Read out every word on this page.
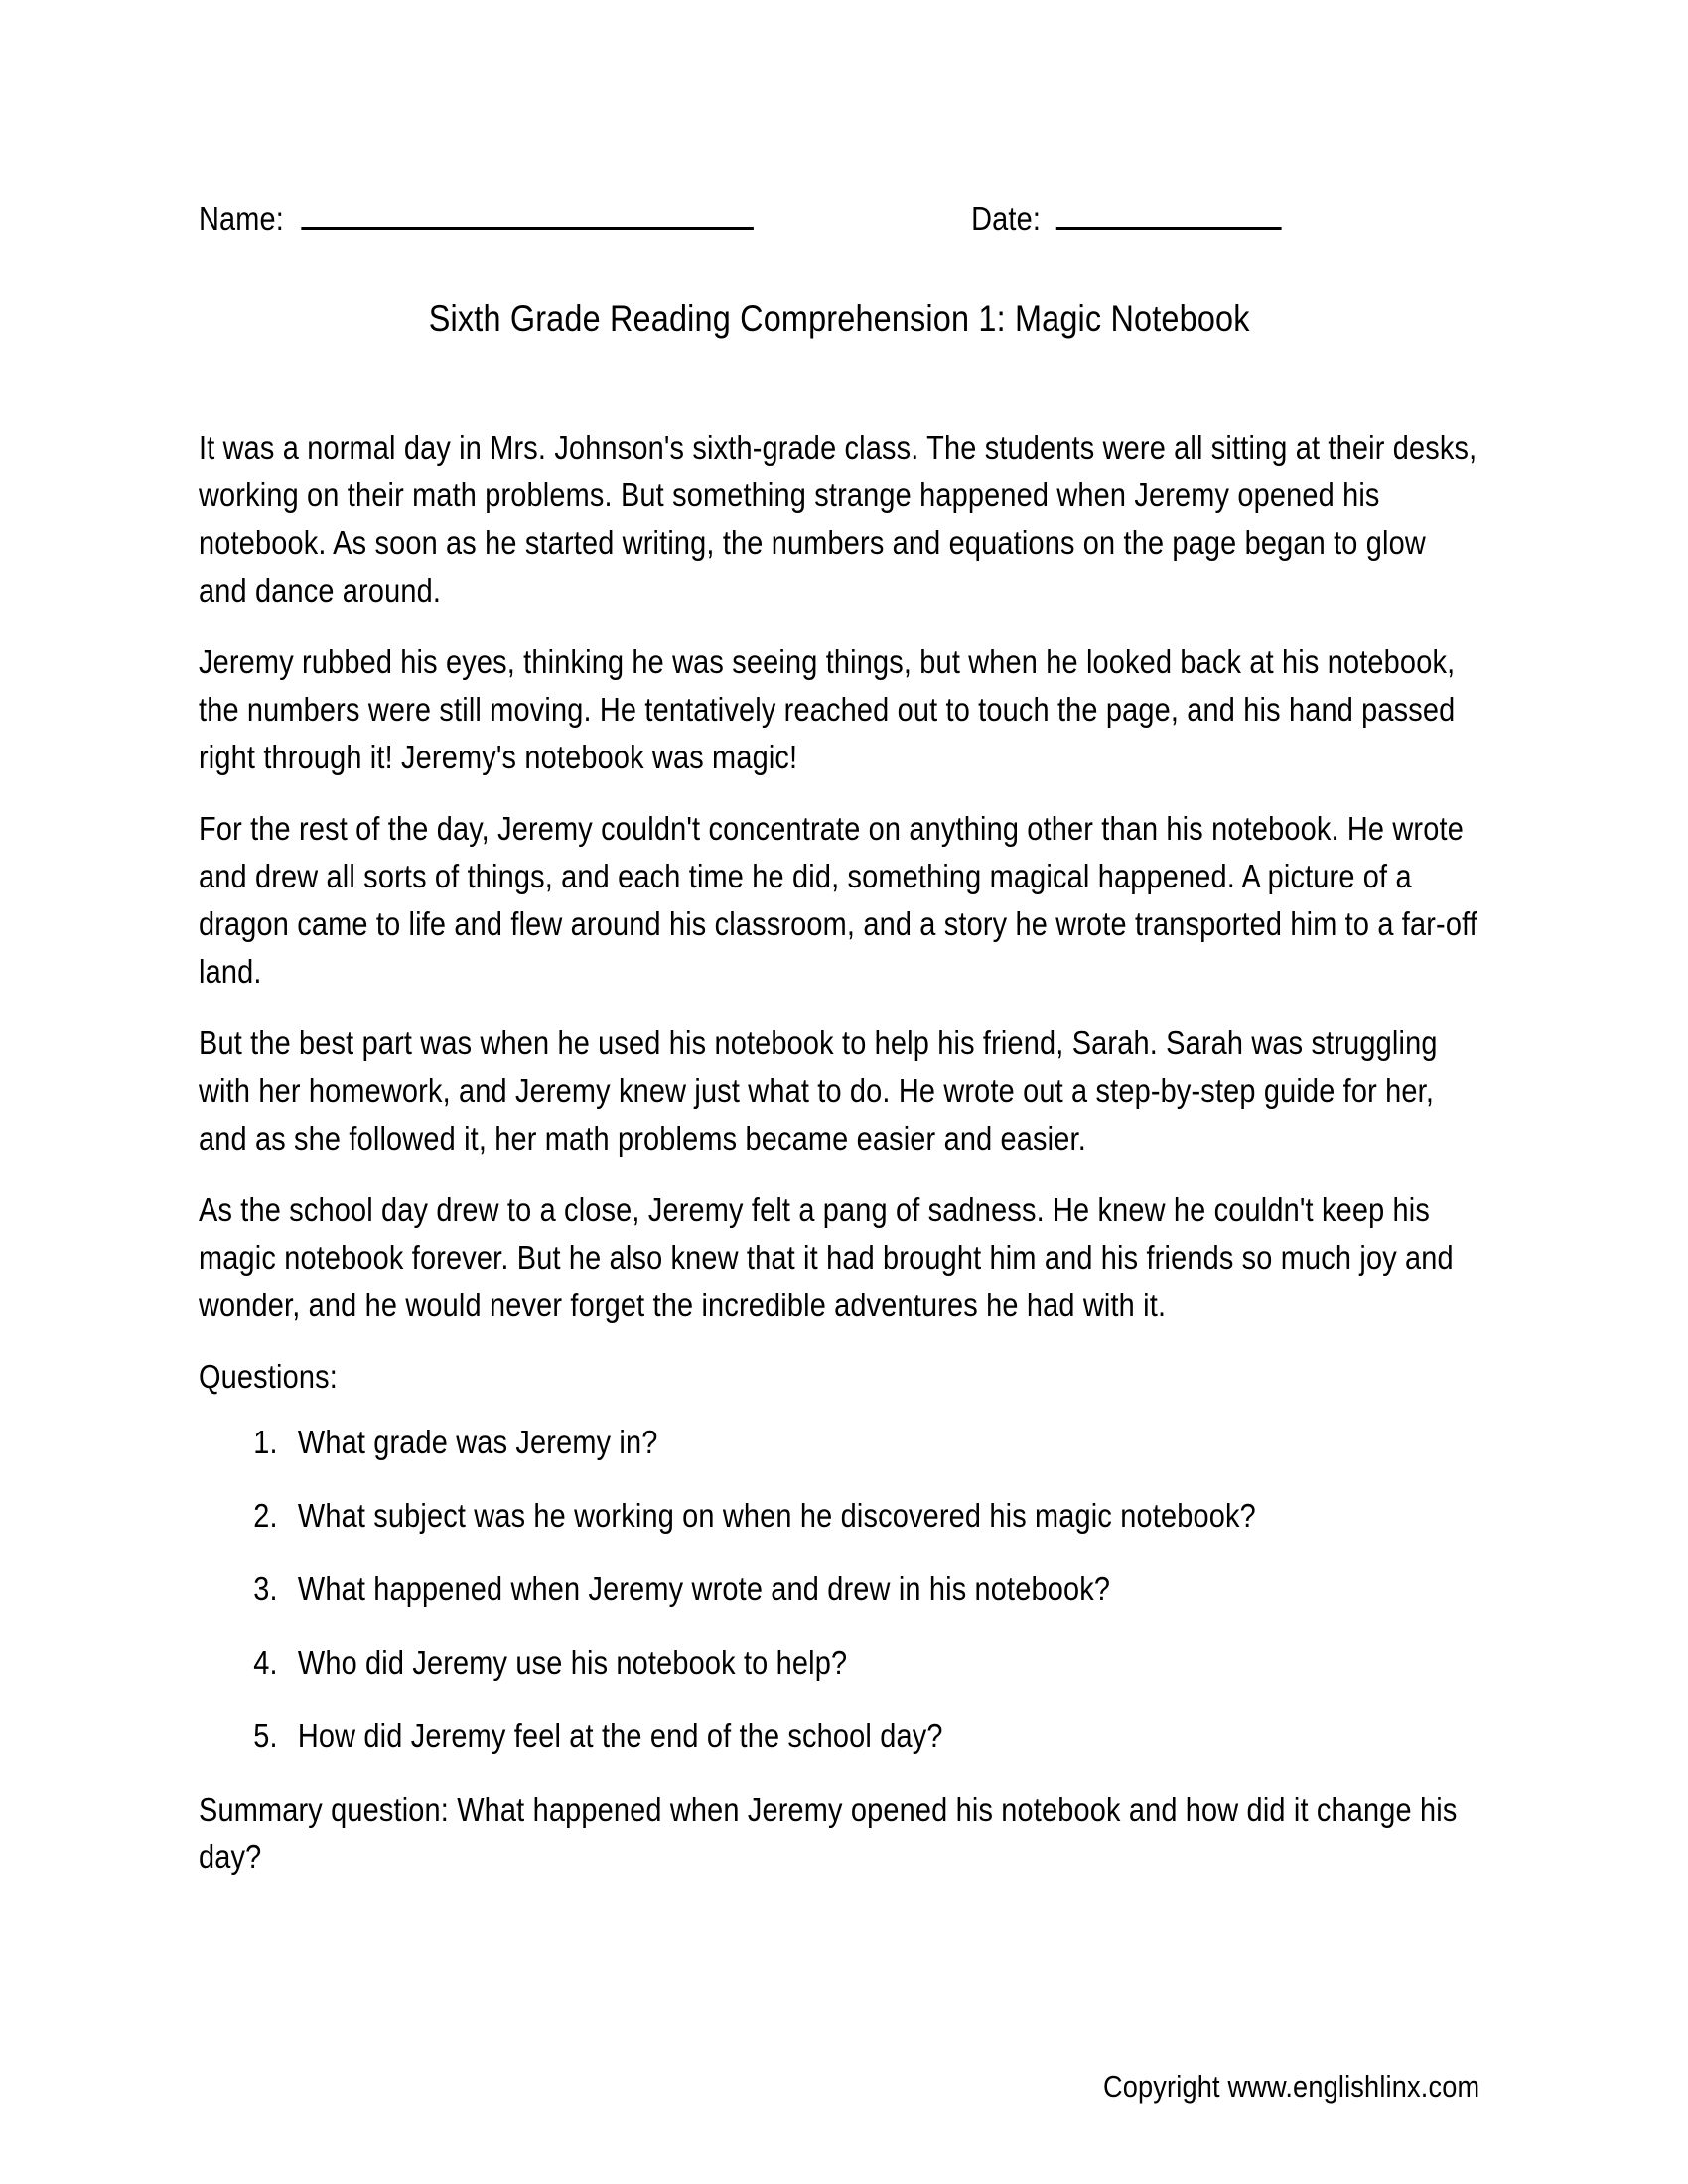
Name:	Date:
Sixth Grade Reading Comprehension 1: Magic Notebook

It was a normal day in Mrs. Johnson's sixth-grade class. The students were all sitting at their desks, working on their math problems. But something strange happened when Jeremy opened his notebook. As soon as he started writing, the numbers and equations on the page began to glow and dance around.

Jeremy rubbed his eyes, thinking he was seeing things, but when he looked back at his notebook, the numbers were still moving. He tentatively reached out to touch the page, and his hand passed right through it! Jeremy's notebook was magic!

For the rest of the day, Jeremy couldn't concentrate on anything other than his notebook. He wrote and drew all sorts of things, and each time he did, something magical happened. A picture of a dragon came to life and flew around his classroom, and a story he wrote transported him to a far-off land.

But the best part was when he used his notebook to help his friend, Sarah. Sarah was struggling with her homework, and Jeremy knew just what to do. He wrote out a step-by-step guide for her, and as she followed it, her math problems became easier and easier.

As the school day drew to a close, Jeremy felt a pang of sadness. He knew he couldn't keep his magic notebook forever. But he also knew that it had brought him and his friends so much joy and wonder, and he would never forget the incredible adventures he had with it.

Questions:

1. What grade was Jeremy in?
2. What subject was he working on when he discovered his magic notebook?
3. What happened when Jeremy wrote and drew in his notebook?
4. Who did Jeremy use his notebook to help?
5. How did Jeremy feel at the end of the school day?

Summary question: What happened when Jeremy opened his notebook and how did it change his day?

Copyright www.englishlinx.com
